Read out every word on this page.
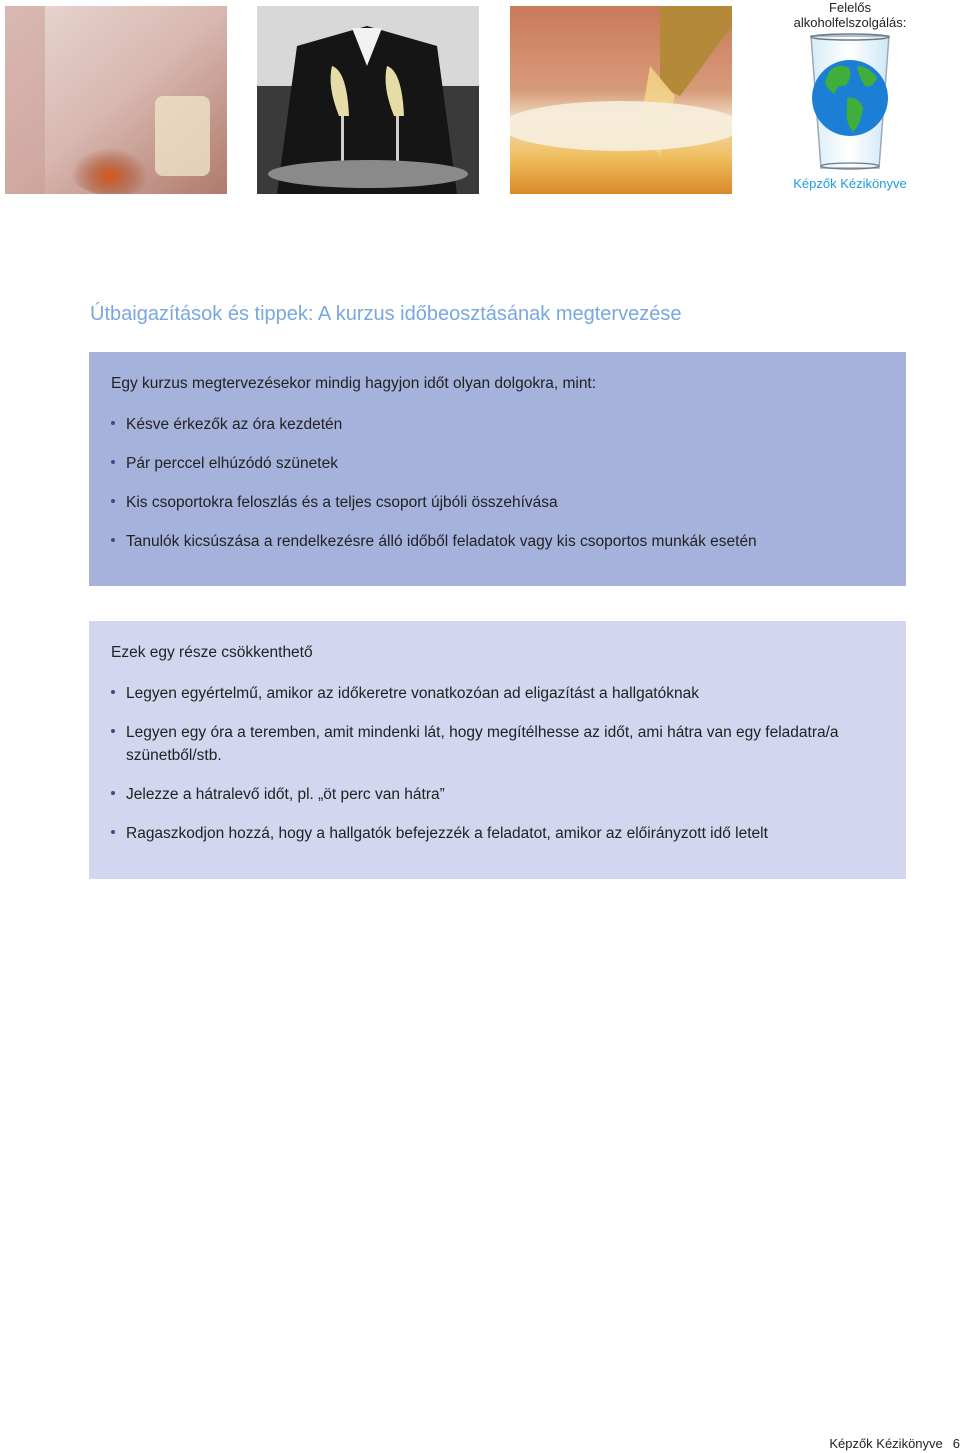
Felelős
alkoholfelszolgálás:
Képzők Kézikönyve
Útbaigazítások és tippek: A kurzus időbeosztásának megtervezése

Egy kurzus megtervezésekor mindig hagyjon időt olyan dolgokra, mint:

Késve érkezők az óra kezdetén
Pár perccel elhúzódó szünetek
Kis csoportokra feloszlás és a teljes csoport újbóli összehívása
Tanulók kicsúszása a rendelkezésre álló időből feladatok vagy kis csoportos munkák esetén

Ezek egy része csökkenthető

Legyen egyértelmű, amikor az időkeretre vonatkozóan ad eligazítást a hallgatóknak
Legyen egy óra a teremben, amit mindenki lát, hogy megítélhesse az időt, ami hátra van egy feladatra/a szünetből/stb.
Jelezze a hátralevő időt, pl. „öt perc van hátra”
Ragaszkodjon hozzá, hogy a hallgatók befejezzék a feladatot, amikor az előirányzott idő letelt
Képzők Kézikönyve 6
